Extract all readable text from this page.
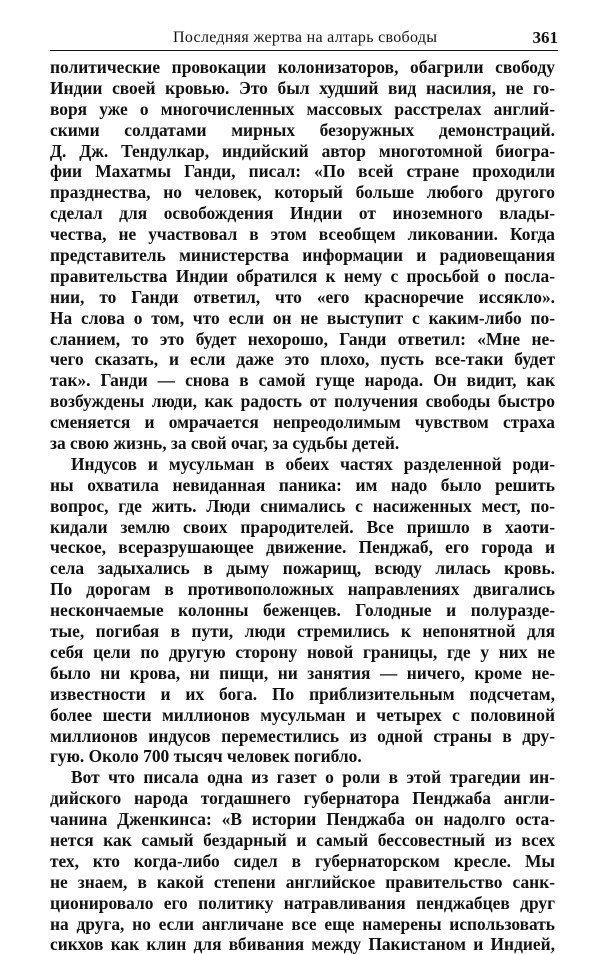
Последняя жертва на алтарь свободы	361
политические провокации колонизаторов, обагрили свободу
Индии своей кровью. Это был худший вид насилия, не го-
воря уже о многочисленных массовых расстрелах англий-
скими солдатами мирных безоружных демонстраций.
Д. Дж. Тендулкар, индийский автор многотомной биогра-
фии Махатмы Ганди, писал: «По всей стране проходили
празднества, но человек, который больше любого другого
сделал для освобождения Индии от иноземного влады-
чества, не участвовал в этом всеобщем ликовании. Когда
представитель министерства информации и радиовещания
правительства Индии обратился к нему с просьбой о посла-
нии, то Ганди ответил, что «его красноречие иссякло».
На слова о том, что если он не выступит с каким-либо по-
сланием, то это будет нехорошо, Ганди ответил: «Мне не-
чего сказать, и если даже это плохо, пусть все-таки будет
так». Ганди — снова в самой гуще народа. Он видит, как
возбуждены люди, как радость от получения свободы быстро
сменяется и омрачается непреодолимым чувством страха
за свою жизнь, за свой очаг, за судьбы детей.
Индусов и мусульман в обеих частях разделенной роди-
ны охватила невиданная паника: им надо было решить
вопрос, где жить. Люди снимались с насиженных мест, по-
кидали землю своих прародителей. Все пришло в хаоти-
ческое, всеразрушающее движение. Пенджаб, его города и
села задыхались в дыму пожарищ, всюду лилась кровь.
По дорогам в противоположных направлениях двигались
нескончаемые колонны беженцев. Голодные и полуразде-
тые, погибая в пути, люди стремились к непонятной для
себя цели по другую сторону новой границы, где у них не
было ни крова, ни пищи, ни занятия — ничего, кроме не-
известности и их бога. По приблизительным подсчетам,
более шести миллионов мусульман и четырех с половиной
миллионов индусов переместились из одной страны в дру-
гую. Около 700 тысяч человек погибло.
Вот что писала одна из газет о роли в этой трагедии ин-
дийского народа тогдашнего губернатора Пенджаба англи-
чанина Дженкинса: «В истории Пенджаба он надолго оста-
нется как самый бездарный и самый бессовестный из всех
тех, кто когда-либо сидел в губернаторском кресле. Мы
не знаем, в какой степени английское правительство санк-
ционировало его политику натравливания пенджабцев друг
на друга, но если англичане все еще намерены использовать
сикхов как клин для вбивания между Пакистаном и Индией,
